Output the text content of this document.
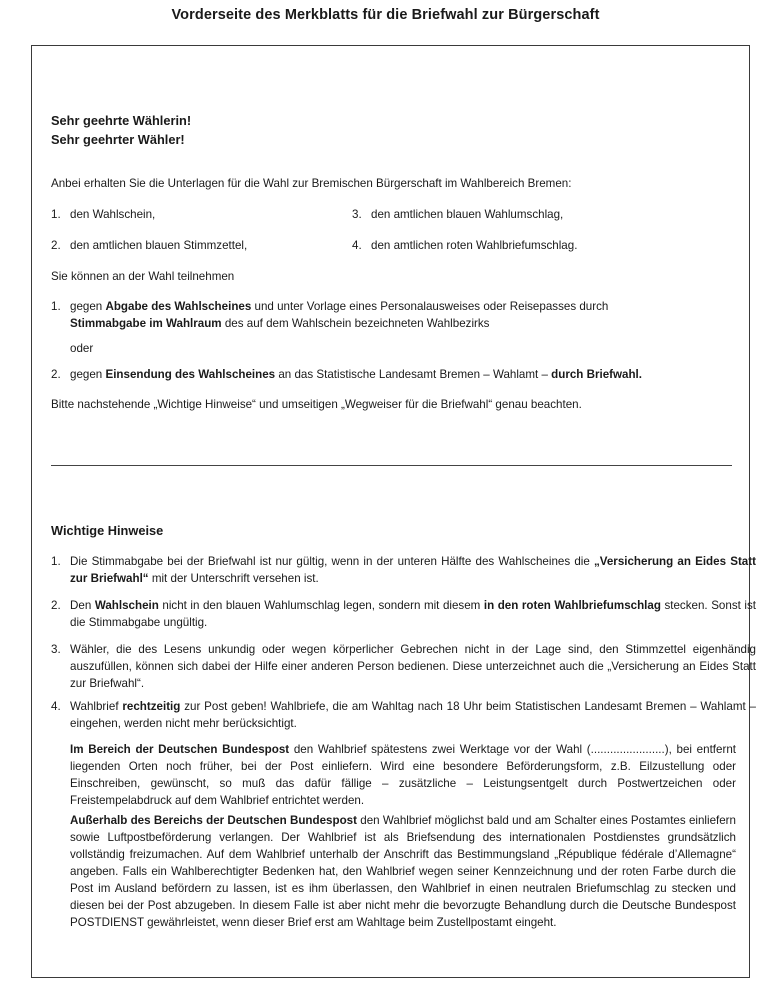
Vorderseite des Merkblatts für die Briefwahl zur Bürgerschaft
Sehr geehrte Wählerin!
Sehr geehrter Wähler!
Anbei erhalten Sie die Unterlagen für die Wahl zur Bremischen Bürgerschaft im Wahlbereich Bremen:
1. den Wahlschein,
2. den amtlichen blauen Stimmzettel,
3. den amtlichen blauen Wahlumschlag,
4. den amtlichen roten Wahlbriefumschlag.
Sie können an der Wahl teilnehmen
1. gegen Abgabe des Wahlscheines und unter Vorlage eines Personalausweises oder Reisepasses durch
Stimmabgabe im Wahlraum des auf dem Wahlschein bezeichneten Wahlbezirks
oder
2. gegen Einsendung des Wahlscheines an das Statistische Landesamt Bremen – Wahlamt – durch Briefwahl.
Bitte nachstehende „Wichtige Hinweise“ und umseitigen „Wegweiser für die Briefwahl“ genau beachten.
Wichtige Hinweise
1. Die Stimmabgabe bei der Briefwahl ist nur gültig, wenn in der unteren Hälfte des Wahlscheines die „Versicherung an Eides Statt zur Briefwahl“ mit der Unterschrift versehen ist.
2. Den Wahlschein nicht in den blauen Wahlumschlag legen, sondern mit diesem in den roten Wahlbriefumschlag stecken. Sonst ist die Stimmabgabe ungültig.
3. Wähler, die des Lesens unkundig oder wegen körperlicher Gebrechen nicht in der Lage sind, den Stimmzettel eigenhändig auszufüllen, können sich dabei der Hilfe einer anderen Person bedienen. Diese unterzeichnet auch die „Versicherung an Eides Statt zur Briefwahl“.
4. Wahlbrief rechtzeitig zur Post geben! Wahlbriefe, die am Wahltag nach 18 Uhr beim Statistischen Landesamt Bremen – Wahlamt – eingehen, werden nicht mehr berücksichtigt.
Im Bereich der Deutschen Bundespost den Wahlbrief spätestens zwei Werktage vor der Wahl (.......................), bei entfernt liegenden Orten noch früher, bei der Post einliefern. Wird eine besondere Beförderungsform, z.B. Eilzustellung oder Einschreiben, gewünscht, so muß das dafür fällige – zusätzliche – Leistungsentgelt durch Postwertzeichen oder Freistempelabdruck auf dem Wahlbrief entrichtet werden.
Außerhalb des Bereichs der Deutschen Bundespost den Wahlbrief möglichst bald und am Schalter eines Postamtes einliefern sowie Luftpostbeförderung verlangen. Der Wahlbrief ist als Briefsendung des internationalen Postdienstes grundsätzlich vollständig freizumachen. Auf dem Wahlbrief unterhalb der Anschrift das Bestimmungsland „République fédérale d’Allemagne“ angeben. Falls ein Wahlberechtigter Bedenken hat, den Wahlbrief wegen seiner Kennzeichnung und der roten Farbe durch die Post im Ausland befördern zu lassen, ist es ihm überlassen, den Wahlbrief in einen neutralen Briefumschlag zu stecken und diesen bei der Post abzugeben. In diesem Falle ist aber nicht mehr die bevorzugte Behandlung durch die Deutsche Bundespost POSTDIENST gewährleistet, wenn dieser Brief erst am Wahltage beim Zustellpostamt eingeht.
